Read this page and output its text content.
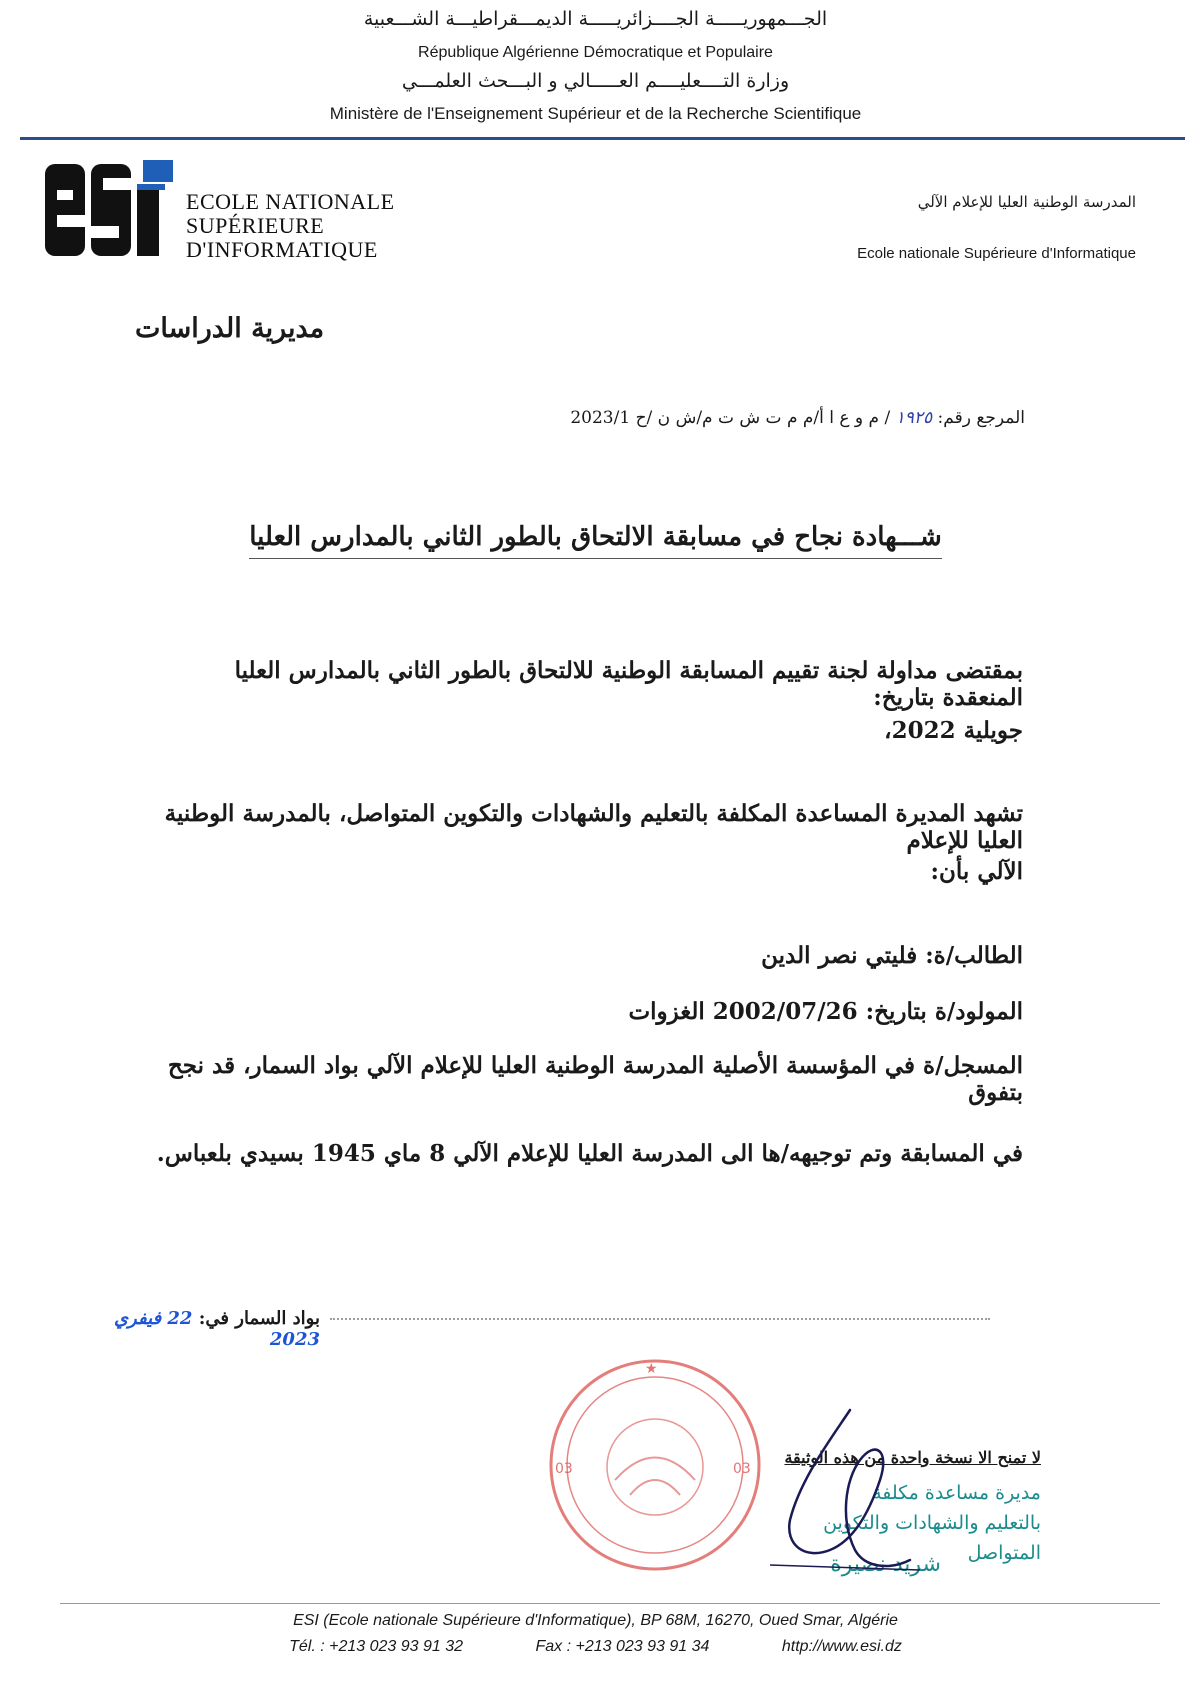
الجـــمهوريـــــة الجــــزائريـــــة الديمـــقراطيـــة الشـــعبية
République Algérienne Démocratique et Populaire
وزارة التــــعليــــم العـــــالي و البـــحث العلمـــي
Ministère de l'Enseignement Supérieur et de la Recherche Scientifique
esi
ECOLE NATIONALE
SUPÉRIEURE
D'INFORMATIQUE
المدرسة الوطنية العليا للإعلام الآلي
Ecole nationale Supérieure d'Informatique
مديرية الدراسات
المرجع رقم: ١٩٢٥ / م و ع ا أ/م م ت ش ت م/ش ن /ح 2023/1
شـــهادة نجاح في مسابقة الالتحاق بالطور الثاني بالمدارس العليا
بمقتضى مداولة لجنة تقييم المسابقة الوطنية للالتحاق بالطور الثاني بالمدارس العليا المنعقدة بتاريخ:
جويلية 2022،
تشهد المديرة المساعدة المكلفة بالتعليم والشهادات والتكوين المتواصل، بالمدرسة الوطنية العليا للإعلام
الآلي بأن:
الطالب/ة: فليتي نصر الدين
المولود/ة بتاريخ: 2002/07/26 الغزوات
المسجل/ة في المؤسسة الأصلية المدرسة الوطنية العليا للإعلام الآلي بواد السمار، قد نجح بتفوق
في المسابقة وتم توجيهه/ها الى المدرسة العليا للإعلام الآلي 8 ماي 1945 بسيدي بلعباس.
بواد السمار في: 22 فيفري 2023
03	03
★
لا تمنح الا نسخة واحدة من هذه الوثيقة
مديرة مساعدة مكلفة بالتعليم والشهادات والتكوين المتواصل
شريد نصيرة
ESI (Ecole nationale Supérieure d'Informatique), BP 68M, 16270, Oued Smar, Algérie
Tél. : +213 023 93 91 32	Fax : +213 023 93 91 34	http://www.esi.dz
